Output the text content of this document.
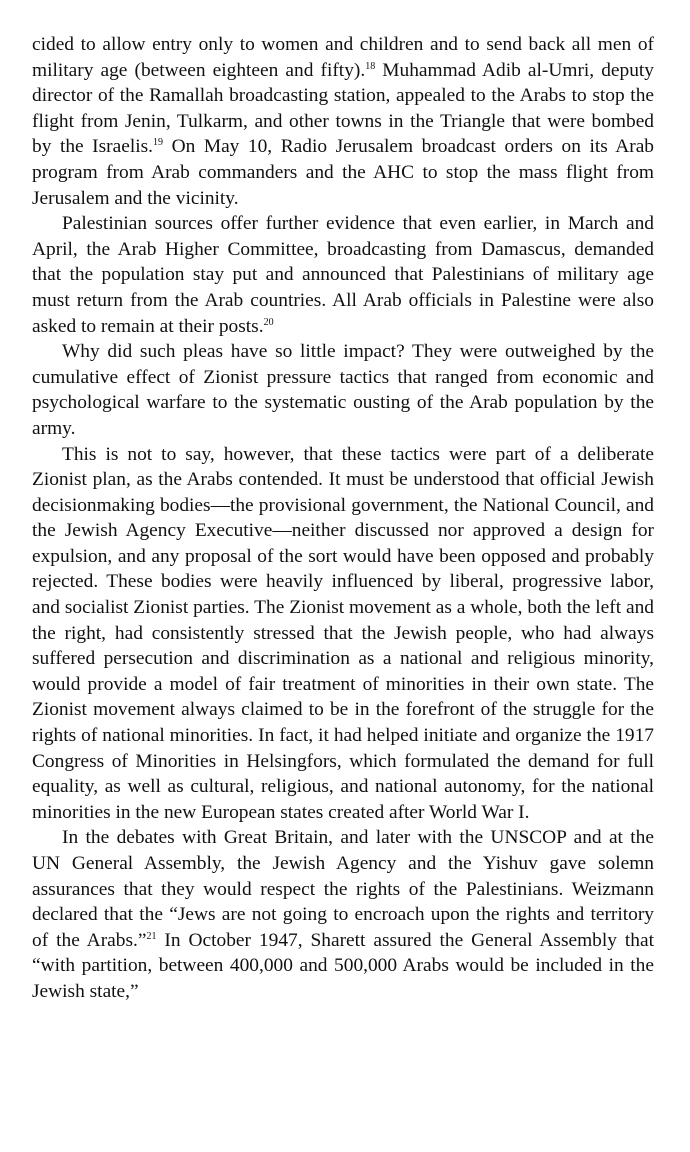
cided to allow entry only to women and children and to send back all men of military age (between eighteen and fifty).$^{18}$ Muhammad Adib al-Umri, deputy director of the Ramallah broadcasting station, appealed to the Arabs to stop the flight from Jenin, Tulkarm, and other towns in the Triangle that were bombed by the Israelis.$^{19}$ On May 10, Radio Jerusalem broadcast orders on its Arab program from Arab commanders and the AHC to stop the mass flight from Jerusalem and the vicinity.

Palestinian sources offer further evidence that even earlier, in March and April, the Arab Higher Committee, broadcasting from Damascus, demanded that the population stay put and announced that Palestinians of military age must return from the Arab countries. All Arab officials in Palestine were also asked to remain at their posts.$^{20}$

Why did such pleas have so little impact? They were outweighed by the cumulative effect of Zionist pressure tactics that ranged from economic and psychological warfare to the systematic ousting of the Arab population by the army.

This is not to say, however, that these tactics were part of a deliberate Zionist plan, as the Arabs contended. It must be understood that official Jewish decisionmaking bodies—the provisional government, the National Council, and the Jewish Agency Executive—neither discussed nor approved a design for expulsion, and any proposal of the sort would have been opposed and probably rejected. These bodies were heavily influenced by liberal, progressive labor, and socialist Zionist parties. The Zionist movement as a whole, both the left and the right, had consistently stressed that the Jewish people, who had always suffered persecution and discrimination as a national and religious minority, would provide a model of fair treatment of minorities in their own state. The Zionist movement always claimed to be in the forefront of the struggle for the rights of national minorities. In fact, it had helped initiate and organize the 1917 Congress of Minorities in Helsingfors, which formulated the demand for full equality, as well as cultural, religious, and national autonomy, for the national minorities in the new European states created after World War I.

In the debates with Great Britain, and later with the UNSCOP and at the UN General Assembly, the Jewish Agency and the Yishuv gave solemn assurances that they would respect the rights of the Palestinians. Weizmann declared that the “Jews are not going to encroach upon the rights and territory of the Arabs.”$^{21}$ In October 1947, Sharett assured the General Assembly that “with partition, between 400,000 and 500,000 Arabs would be included in the Jewish state,”
